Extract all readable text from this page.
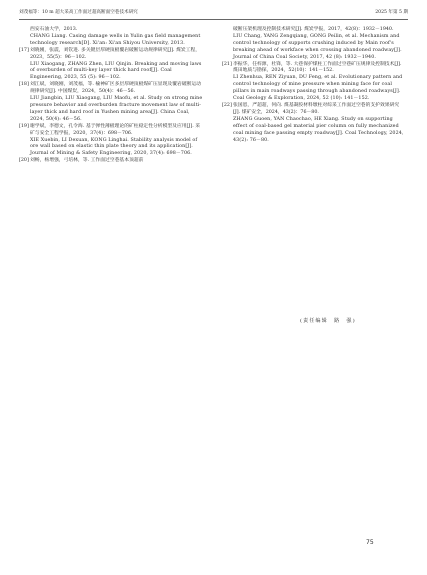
刘茂福等：10 m 超大采高工作面过超高断面空巷技术研究	2025 年第 5 期
西安石油大学，2013.
CHANG Liang. Casing damage wells in Yulin gas field management technology research[D]. Xi'an: Xi'an Shiyou University, 2013.
[17] 刘晓刚，张震，刘钦进. 多关键层厚硬顶板覆岩破断运动规律研究[J]. 煤炭工程，2023，55(5)：96－102.
LIU Xiaogang, ZHANG Zhen, LIU Qinjin. Breaking and moving laws of overburden of multi-key layer thick hard roof[J]. Coal Engineering, 2023, 55 (5): 96－102.
[18] 刘江斌，刘晓刚，刘茂福，等. 榆神矿区多层厚硬顶板煤矿压显现及覆岩破断运动规律研究[J]. 中国煤炭，2024，50(4)：46－56.
LIU Jiangbin, LIU Xiaogang, LIU Maofu, et al. Study on strong mine pressure behavior and overburden fracture movement law of multi-layer thick and hard roof in Yushen mining area[J]. China Coal, 2024, 50(4): 46－56.
[19] 谢学斌，李德文，孔令海. 基于弹性薄板理论的矿柱稳定性分析模型及应用[J]. 采矿与安全工程学报，2020，37(4)：698－706.
XIE Xuebin, LI Dexuan, KONG Linghai. Stability analysis model of ore wall based on elastic thin plate theory and its application[J]. Journal of Mining & Safety Engineering, 2020, 37(4): 698－706.
[20] 刘畅，杨增强，弓培林，等. 工作面过空巷基本顶超前
破断压架机理及控制技术研究[J]. 煤炭学报，2017，42(8)：1932－1940.
LIU Chang, YANG Zengqiang, GONG Peilin, et al. Mechanism and control technology of supports crushing induced by Main roof's breaking ahead of workface when crossing abandoned roadway[J]. Journal of China Coal Society, 2017, 42 (8): 1932－1940.
[21] 李振华，任梓源，杜锋，等. 大巷保护煤柱工作面过空巷矿压规律及控制技术[J]. 煤田地质与勘探，2024，52(10)：141－152.
LI Zhenhua, REN Ziyuan, DU Feng, et al. Evolutionary pattern and control technology of mine pressure when mining face for coal pillars in main roadways passing through abandoned roadways[J]. Coal Geology & Exploration, 2024, 52 (10): 141－152.
[22] 张国恩，严超超，何向. 煤基凝胶材料墩柱对综采工作面过空巷的支护效果研究[J]. 煤矿安全，2024，43(2)：76－80.
ZHANG Guoen, YAN Chaochao, HE Xiang. Study on supporting effect of coal-based gel material pier column on fully mechanized coal mining face passing empty roadway[J]. Coal Technology, 2024, 43(2): 76－80.
(责任编辑　路　强)
75
